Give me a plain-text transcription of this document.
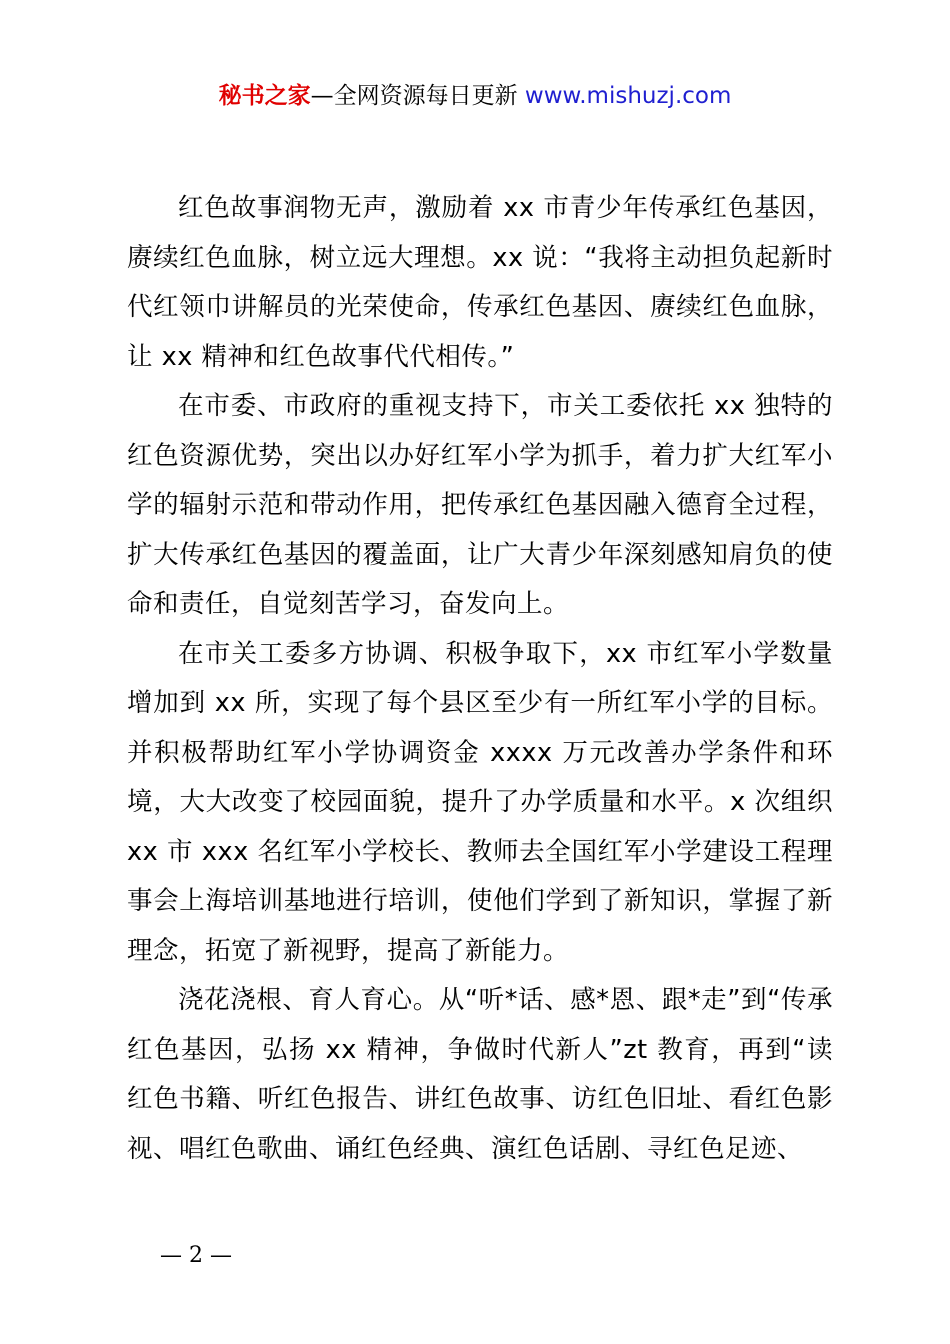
秘书之家—全网资源每日更新 www.mishuzj.com

红色故事润物无声，激励着 xx 市青少年传承红色基因，赓续红色血脉，树立远大理想。xx 说：“我将主动担负起新时代红领巾讲解员的光荣使命，传承红色基因、赓续红色血脉，让 xx 精神和红色故事代代相传。”

在市委、市政府的重视支持下，市关工委依托 xx 独特的红色资源优势，突出以办好红军小学为抓手，着力扩大红军小学的辐射示范和带动作用，把传承红色基因融入德育全过程，扩大传承红色基因的覆盖面，让广大青少年深刻感知肩负的使命和责任，自觉刻苦学习，奋发向上。

在市关工委多方协调、积极争取下，xx 市红军小学数量增加到 xx 所，实现了每个县区至少有一所红军小学的目标。并积极帮助红军小学协调资金 xxxx 万元改善办学条件和环境，大大改变了校园面貌，提升了办学质量和水平。x 次组织 xx 市 xxx 名红军小学校长、教师去全国红军小学建设工程理事会上海培训基地进行培训，使他们学到了新知识，掌握了新理念，拓宽了新视野，提高了新能力。

浇花浇根、育人育心。从“听*话、感*恩、跟*走”到“传承红色基因，弘扬 xx 精神，争做时代新人”zt 教育，再到“读红色书籍、听红色报告、讲红色故事、访红色旧址、看红色影视、唱红色歌曲、诵红色经典、演红色话剧、寻红色足迹、

— 2 —
